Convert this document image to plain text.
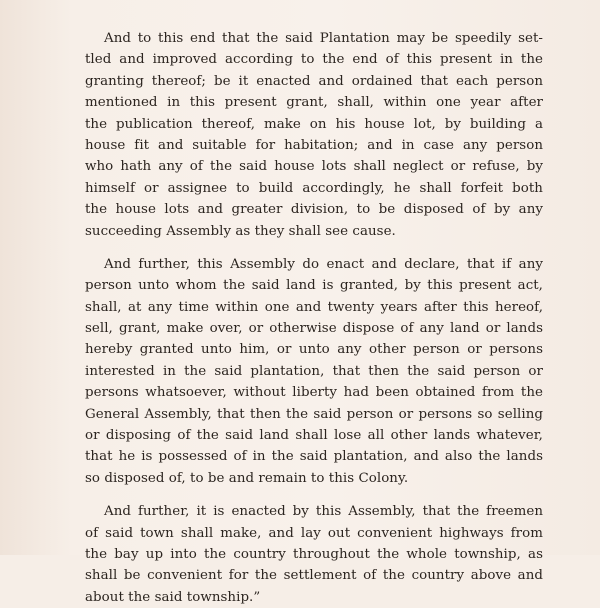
And to this end that the said Plantation may be speedily set-
tled and improved according to the end of this present in the
granting thereof; be it enacted and ordained that each person
mentioned in this present grant, shall, within one year after
the publication thereof, make on his house lot, by building a
house fit and suitable for habitation; and in case any person
who hath any of the said house lots shall neglect or refuse, by
himself or assignee to build accordingly, he shall forfeit both
the house lots and greater division, to be disposed of by any
succeeding Assembly as they shall see cause.
And further, this Assembly do enact and declare, that if any
person unto whom the said land is granted, by this present act,
shall, at any time within one and twenty years after this hereof,
sell, grant, make over, or otherwise dispose of any land or lands
hereby granted unto him, or unto any other person or persons
interested in the said plantation, that then the said person or
persons whatsoever, without liberty had been obtained from the
General Assembly, that then the said person or persons so selling
or disposing of the said land shall lose all other lands whatever,
that he is possessed of in the said plantation, and also the lands
so disposed of, to be and remain to this Colony.
And further, it is enacted by this Assembly, that the freemen
of said town shall make, and lay out convenient highways from
the bay up into the country throughout the whole township, as
shall be convenient for the settlement of the country above and
about the said township.”
